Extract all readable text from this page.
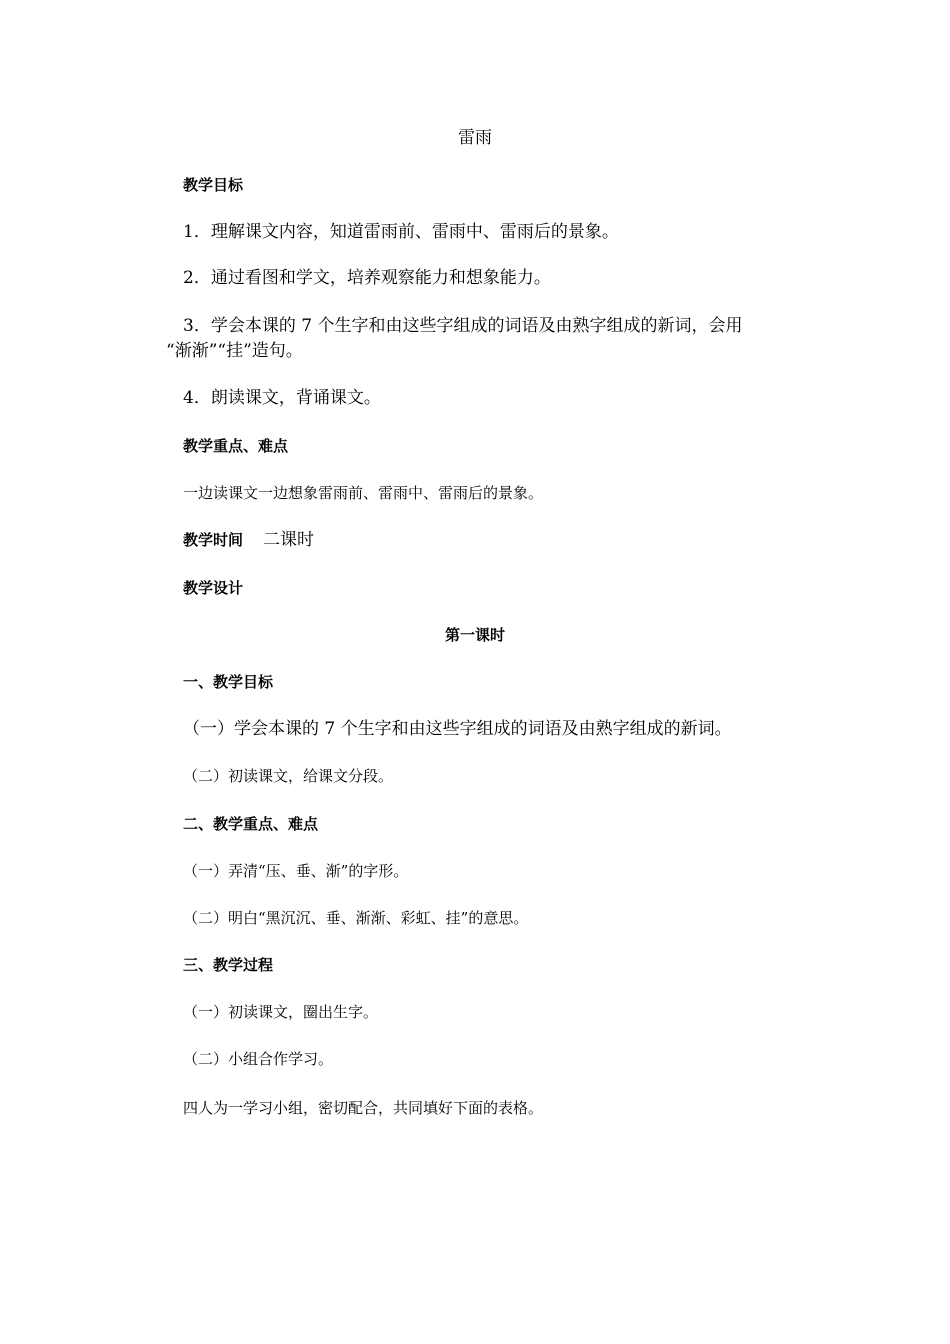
雷雨
教学目标
1．理解课文内容，知道雷雨前、雷雨中、雷雨后的景象。
2．通过看图和学文，培养观察能力和想象能力。
3．学会本课的 7 个生字和由这些字组成的词语及由熟字组成的新词，会用
“渐渐”“挂”造句。
4．朗读课文，背诵课文。
教学重点、难点
一边读课文一边想象雷雨前、雷雨中、雷雨后的景象。
教学时间 二课时
教学设计
第一课时
一、教学目标
（一）学会本课的 7 个生字和由这些字组成的词语及由熟字组成的新词。
（二）初读课文，给课文分段。
二、教学重点、难点
（一）弄清“压、垂、渐”的字形。
（二）明白“黑沉沉、垂、渐渐、彩虹、挂”的意思。
三、教学过程
（一）初读课文，圈出生字。
（二）小组合作学习。
四人为一学习小组，密切配合，共同填好下面的表格。
